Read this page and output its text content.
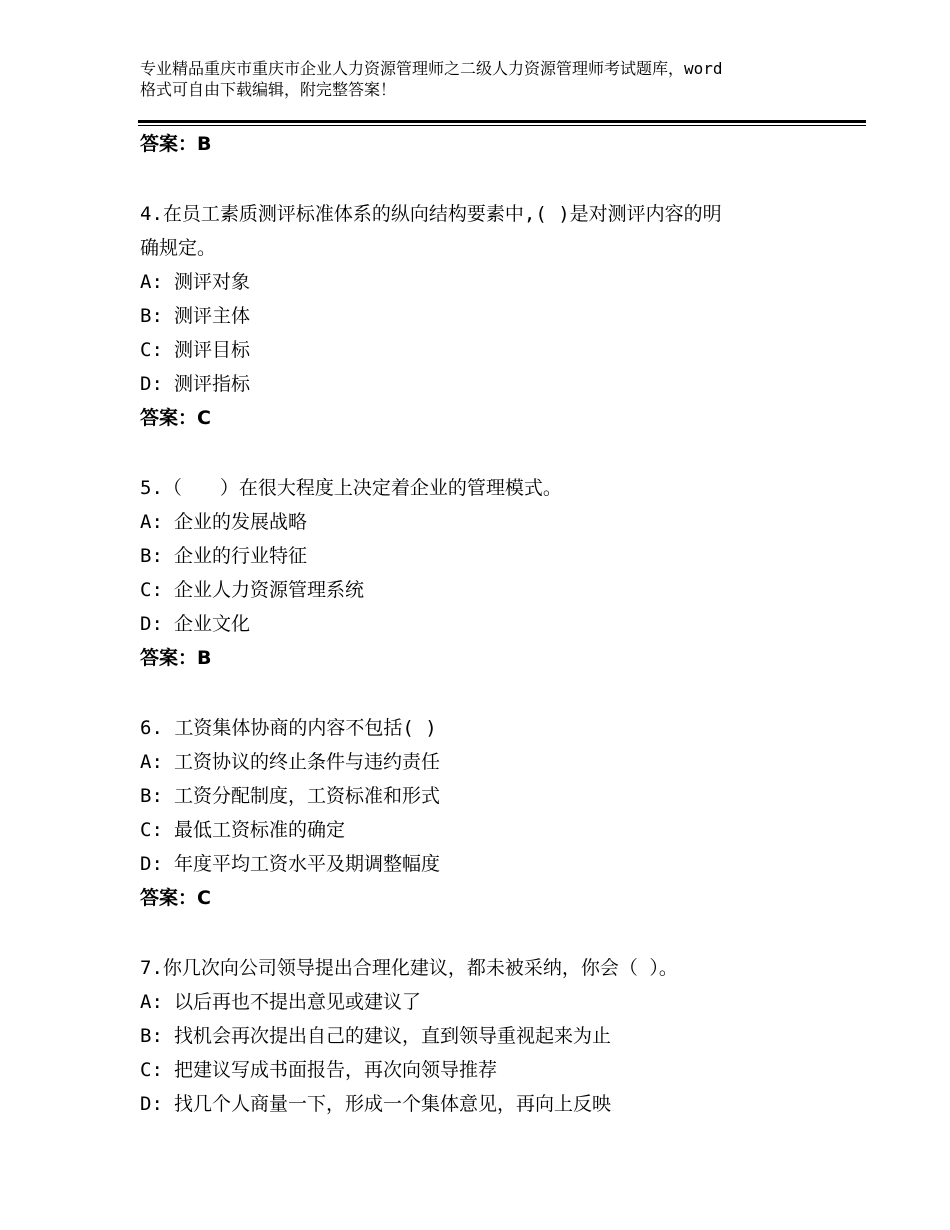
专业精品重庆市重庆市企业人力资源管理师之二级人力资源管理师考试题库，word
格式可自由下载编辑，附完整答案！
答案：B
4.在员工素质测评标准体系的纵向结构要素中,( )是对测评内容的明
确规定。
A: 测评对象
B: 测评主体
C: 测评目标
D: 测评指标
答案：C
5.（　　）在很大程度上决定着企业的管理模式。
A: 企业的发展战略
B: 企业的行业特征
C: 企业人力资源管理系统
D: 企业文化
答案：B
6. 工资集体协商的内容不包括( )
A: 工资协议的终止条件与违约责任
B: 工资分配制度，工资标准和形式
C: 最低工资标准的确定
D: 年度平均工资水平及期调整幅度
答案：C
7.你几次向公司领导提出合理化建议，都未被采纳，你会（ ）。
A: 以后再也不提出意见或建议了
B: 找机会再次提出自己的建议，直到领导重视起来为止
C: 把建议写成书面报告，再次向领导推荐
D: 找几个人商量一下，形成一个集体意见，再向上反映
